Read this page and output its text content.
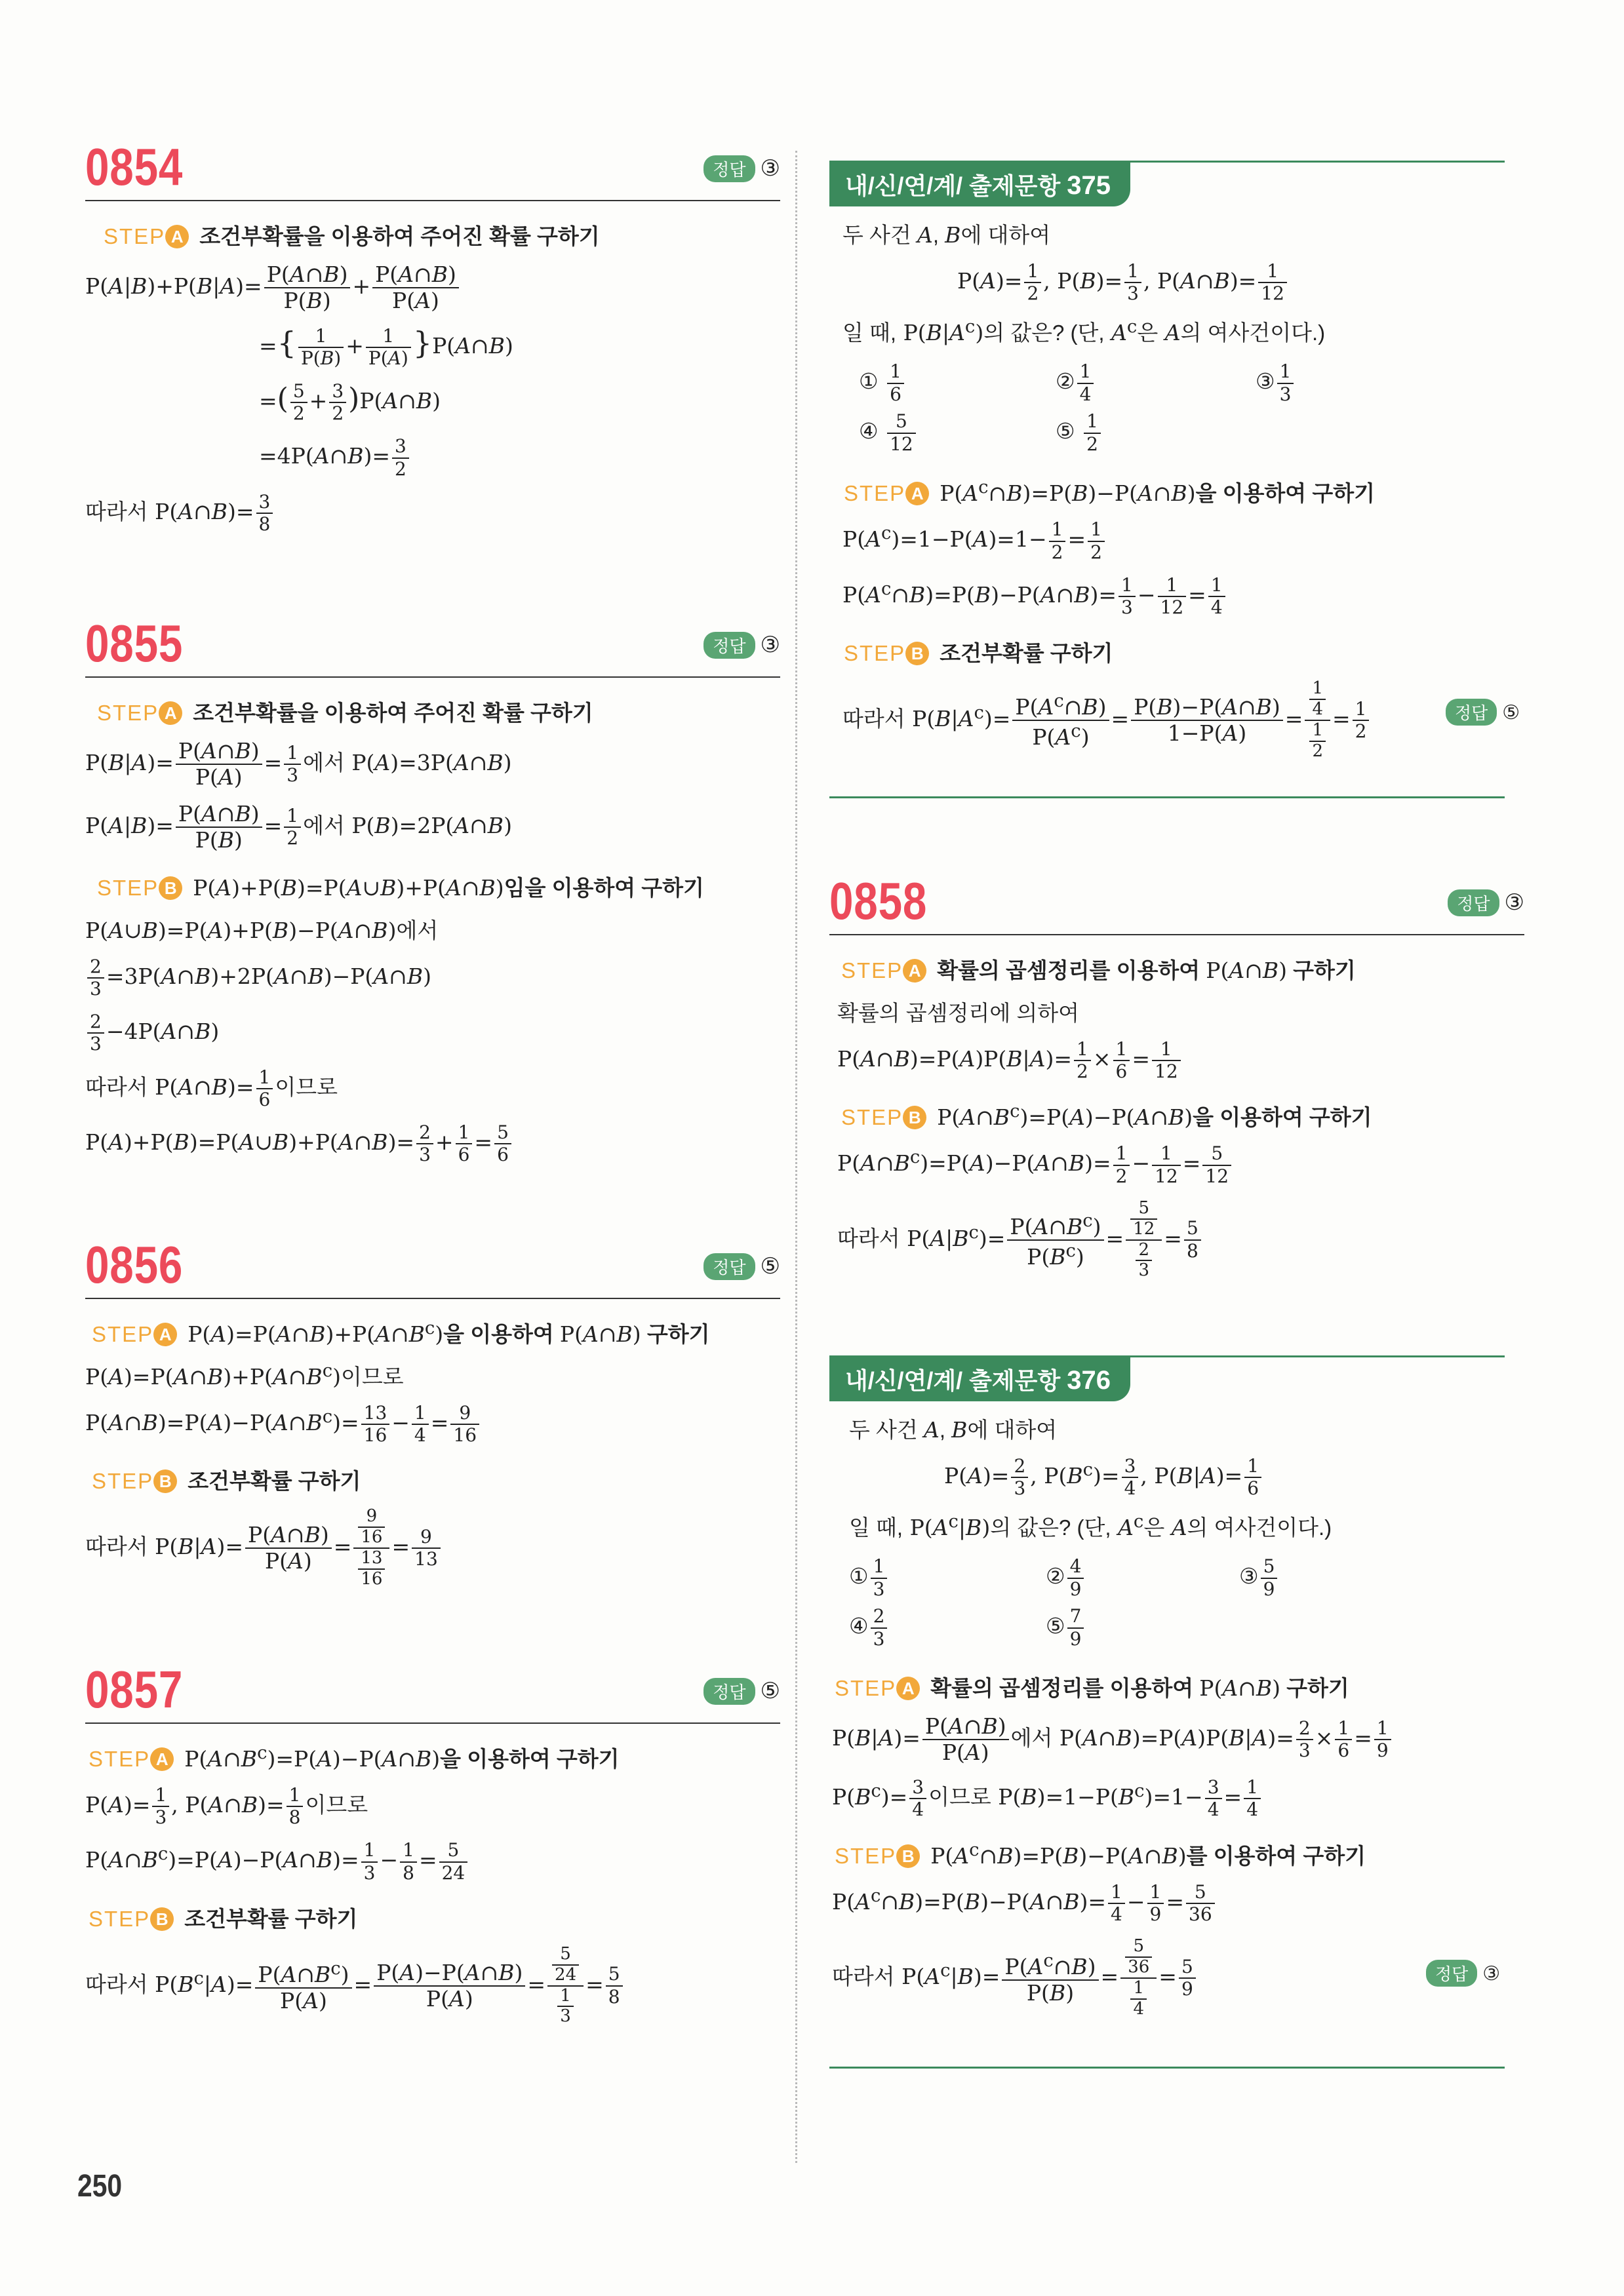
0854	정답 ③
STEP A 조건부확률을 이용하여 주어진 확률 구하기
$P(A|B)+P(B|A)= \frac{P(A\cap B)}{P(B)} + \frac{P(A\cap B)}{P(A)}$
={ $\frac{1}{P(B)} + \frac{1}{P(A)}$ }P(A∩B)
=( $\frac{5}{2} + \frac{3}{2}$ )P(A∩B)
=4P(A∩B)= $\frac{3}{2}$
따라서 P(A∩B)= $\frac{3}{8}$
0855	정답 ③
STEP A 조건부확률을 이용하여 주어진 확률 구하기
$P(B|A)= \frac{P(A\cap B)}{P(A)} = \frac{1}{3}$ 에서 P(A)=3P(A∩B)
$P(A|B)= \frac{P(A\cap B)}{P(B)} = \frac{1}{2}$ 에서 P(B)=2P(A∩B)
STEP B P(A)+P(B)=P(A∪B)+P(A∩B)임을 이용하여 구하기
P(A∪B)=P(A)+P(B)−P(A∩B)에서
$\frac{2}{3}$ =3P(A∩B)+2P(A∩B)−P(A∩B)
$\frac{2}{3}$ −4P(A∩B)
따라서 P(A∩B)= $\frac{1}{6}$ 이므로
P(A)+P(B)=P(A∪B)+P(A∩B)= $\frac{2}{3} + \frac{1}{6} = \frac{5}{6}$
0856	정답 ⑤
STEP A $P(A)=P(A\cap B)+P(A\cap B^c)$을 이용하여 P(A∩B) 구하기
$P(A)=P(A\cap B)+P(A\cap B^c)$이므로
$P(A\cap B)=P(A)-P(A\cap B^c)= \frac{13}{16} - \frac{1}{4} = \frac{9}{16}$
STEP B 조건부확률 구하기
따라서 $P(B|A)= \frac{P(A\cap B)}{P(A)} = \frac{\frac{9}{16}}{\frac{13}{16}} = \frac{9}{13}$
0857	정답 ⑤
STEP A $P(A\cap B^c)=P(A)-P(A\cap B)$을 이용하여 구하기
$P(A)= \frac{1}{3}$ , P(A∩B)= $\frac{1}{8}$ 이므로
$P(A\cap B^c)=P(A)-P(A\cap B)= \frac{1}{3} - \frac{1}{8} = \frac{5}{24}$
STEP B 조건부확률 구하기
따라서 $P(B^c|A)= \frac{P(A\cap B^c)}{P(A)} = \frac{P(A)-P(A\cap B)}{P(A)} = \frac{\frac{5}{24}}{\frac{1}{3}} = \frac{5}{8}$
내/신/연/계/ 출제문항 375
두 사건 A, B에 대하여
$P(A)= \frac{1}{2}$ , $P(B)= \frac{1}{3}$ , P(A∩B)= $\frac{1}{12}$
일 때, $P(B|A^c)$의 값은? (단, $A^c$은 A의 여사건이다.)
① $\frac{1}{6}$	② $\frac{1}{4}$	③ $\frac{1}{3}$
④ $\frac{5}{12}$	⑤ $\frac{1}{2}$
STEP A $P(A^c\cap B)=P(B)-P(A\cap B)$을 이용하여 구하기
$P(A^c)=1-P(A)=1- \frac{1}{2} = \frac{1}{2}$
$P(A^c\cap B)=P(B)-P(A\cap B)= \frac{1}{3} - \frac{1}{12} = \frac{1}{4}$
STEP B 조건부확률 구하기
따라서 $P(B|A^c)= \frac{P(A^c\cap B)}{P(A^c)} = \frac{P(B)-P(A\cap B)}{1-P(A)} = \frac{\frac{1}{4}}{\frac{1}{2}} = \frac{1}{2}$	정답 ⑤
0858	정답 ③
STEP A 확률의 곱셈정리를 이용하여 P(A∩B) 구하기
확률의 곱셈정리에 의하여
P(A∩B)=P(A)P(B|A)= $\frac{1}{2} \times \frac{1}{6} = \frac{1}{12}$
STEP B $P(A\cap B^c)=P(A)-P(A\cap B)$을 이용하여 구하기
$P(A\cap B^c)=P(A)-P(A\cap B)= \frac{1}{2} - \frac{1}{12} = \frac{5}{12}$
따라서 $P(A|B^c)= \frac{P(A\cap B^c)}{P(B^c)} = \frac{\frac{5}{12}}{\frac{2}{3}} = \frac{5}{8}$
내/신/연/계/ 출제문항 376
두 사건 A, B에 대하여
$P(A)= \frac{2}{3}$ , $P(B^c)= \frac{3}{4}$ , $P(B|A)= \frac{1}{6}$
일 때, $P(A^c|B)$의 값은? (단, $A^c$은 A의 여사건이다.)
① $\frac{1}{3}$	② $\frac{4}{9}$	③ $\frac{5}{9}$
④ $\frac{2}{3}$	⑤ $\frac{7}{9}$
STEP A 확률의 곱셈정리를 이용하여 P(A∩B) 구하기
$P(B|A)= \frac{P(A\cap B)}{P(A)}$ 에서 P(A∩B)=P(A)P(B|A)= $\frac{2}{3} \times \frac{1}{6} = \frac{1}{9}$
$P(B^c)= \frac{3}{4}$ 이므로 $P(B)=1-P(B^c)=1- \frac{3}{4} = \frac{1}{4}$
STEP B $P(A^c\cap B)=P(B)-P(A\cap B)$를 이용하여 구하기
$P(A^c\cap B)=P(B)-P(A\cap B)= \frac{1}{4} - \frac{1}{9} = \frac{5}{36}$
따라서 $P(A^c|B)= \frac{P(A^c\cap B)}{P(B)} = \frac{\frac{5}{36}}{\frac{1}{4}} = \frac{5}{9}$	정답 ③
250
